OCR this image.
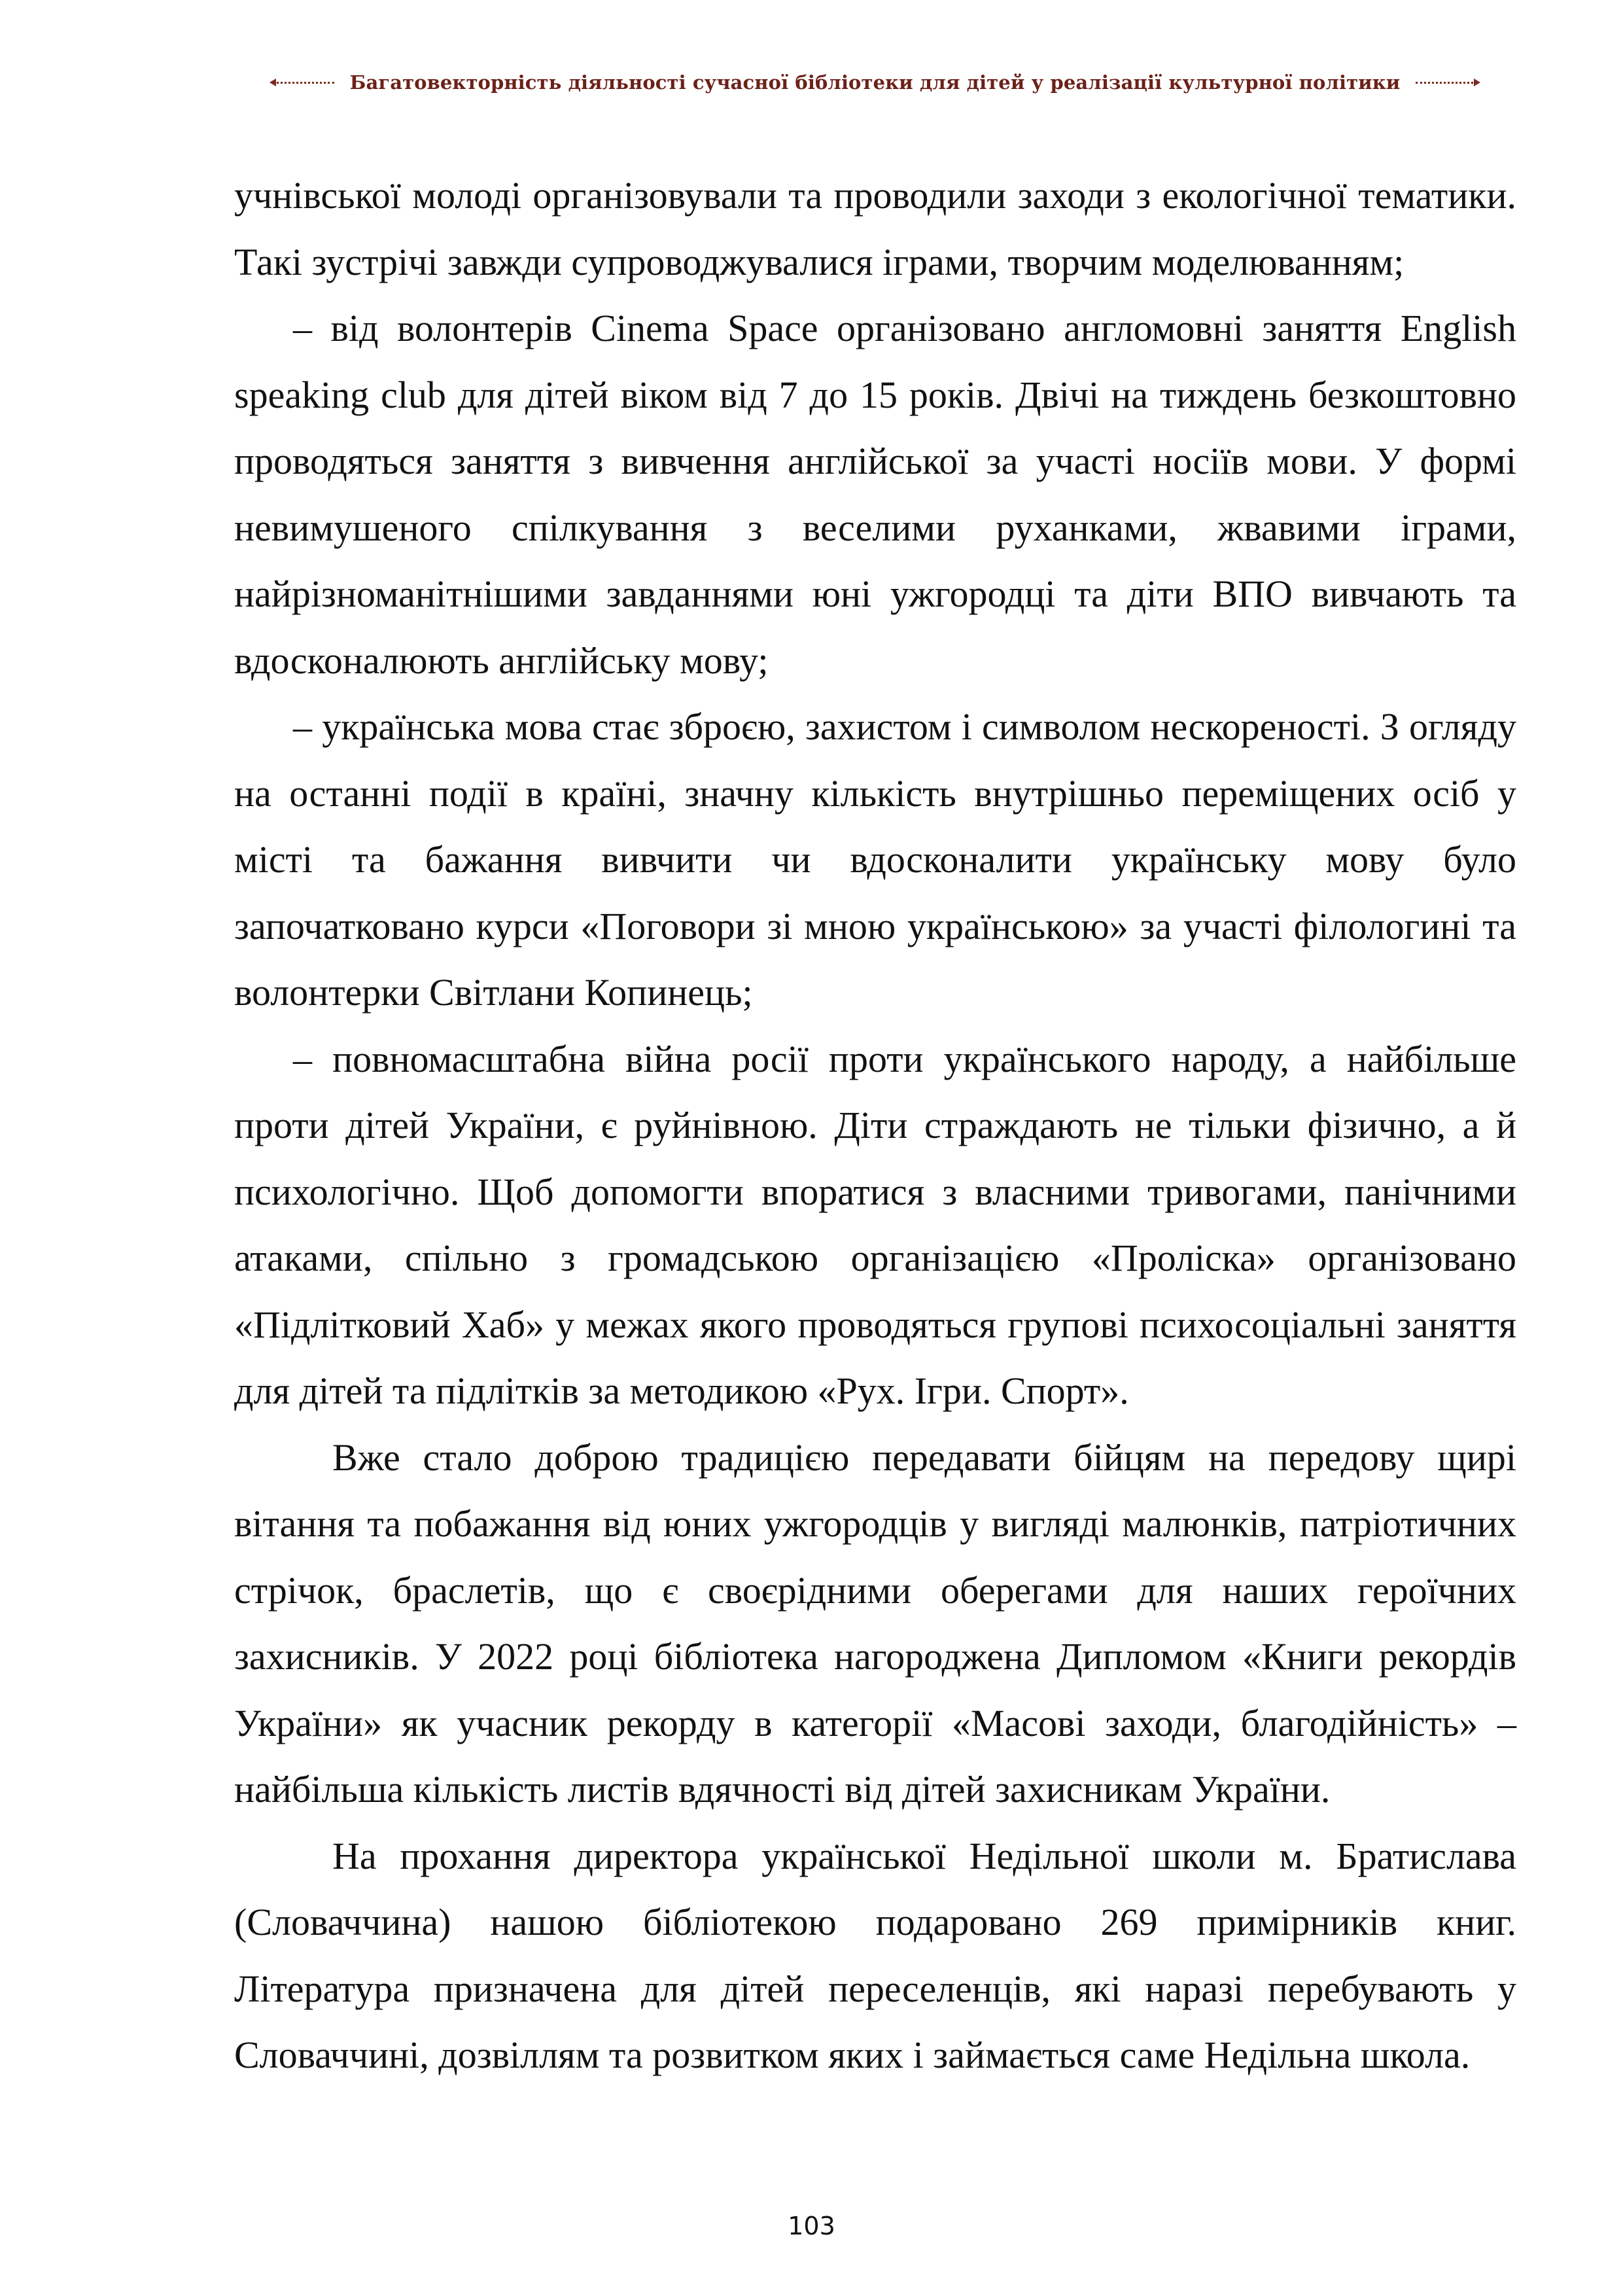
Багатовекторність діяльності сучасної бібліотеки для дітей у реалізації культурної політики

учнівської молоді організовували та проводили заходи з екологічної тематики. Такі зустрічі завжди супроводжувалися іграми, творчим моделюванням;

– від волонтерів Cinema Space організовано англомовні заняття English speaking club для дітей віком від 7 до 15 років. Двічі на тиждень безкоштовно проводяться заняття з вивчення англійської за участі носіїв мови. У формі невимушеного спілкування з веселими руханками, жвавими іграми, найрізноманітнішими завданнями юні ужгородці та діти ВПО вивчають та вдосконалюють англійську мову;

– українська мова стає зброєю, захистом і символом нескореності. З огляду на останні події в країні, значну кількість внутрішньо переміщених осіб у місті та бажання вивчити чи вдосконалити українську мову було започатковано курси «Поговори зі мною українською» за участі філологині та волонтерки Світлани Копинець;

– повномасштабна війна росії проти українського народу, а найбільше проти дітей України, є руйнівною. Діти страждають не тільки фізично, а й психологічно. Щоб допомогти впоратися з власними тривогами, панічними атаками, спільно з громадською організацією «Проліска» організовано «Підлітковий Хаб» у межах якого проводяться групові психосоціальні заняття для дітей та підлітків за методикою «Рух. Ігри. Спорт».

Вже стало доброю традицією передавати бійцям на передову щирі вітання та побажання від юних ужгородців у вигляді малюнків, патріотичних стрічок, браслетів, що є своєрідними оберегами для наших героїчних захисників. У 2022 році бібліотека нагороджена Дипломом «Книги рекордів України» як учасник рекорду в категорії «Масові заходи, благодійність» – найбільша кількість листів вдячності від дітей захисникам України.

На прохання директора української Недільної школи м. Братислава (Словаччина) нашою бібліотекою подаровано 269 примірників книг. Література призначена для дітей переселенців, які наразі перебувають у Словаччині, дозвіллям та розвитком яких і займається саме Недільна школа.

103
